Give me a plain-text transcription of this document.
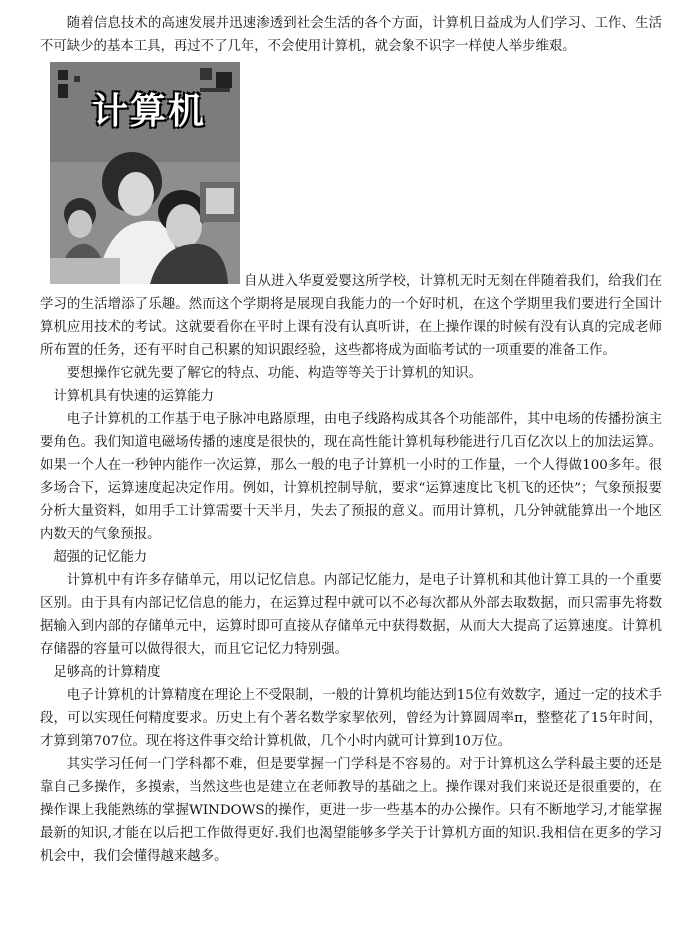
随着信息技术的高速发展并迅速渗透到社会生活的各个方面，计算机日益成为人们学习、工作、生活不可缺少的基本工具，再过不了几年，不会使用计算机，就会象不识字一样使人举步维艰。

计算机

自从进入华夏爱婴这所学校，计算机无时无刻在伴随着我们，给我们在学习的生活增添了乐趣。然而这个学期将是展现自我能力的一个好时机，在这个学期里我们要进行全国计算机应用技术的考试。这就要看你在平时上课有没有认真听讲，在上操作课的时候有没有认真的完成老师所布置的任务，还有平时自己积累的知识跟经验，这些都将成为面临考试的一项重要的准备工作。

要想操作它就先要了解它的特点、功能、构造等等关于计算机的知识。

计算机具有快速的运算能力

电子计算机的工作基于电子脉冲电路原理，由电子线路构成其各个功能部件，其中电场的传播扮演主要角色。我们知道电磁场传播的速度是很快的，现在高性能计算机每秒能进行几百亿次以上的加法运算。如果一个人在一秒钟内能作一次运算，那么一般的电子计算机一小时的工作量，一个人得做100多年。很多场合下，运算速度起决定作用。例如，计算机控制导航，要求“运算速度比飞机飞的还快”；气象预报要分析大量资料，如用手工计算需要十天半月，失去了预报的意义。而用计算机，几分钟就能算出一个地区内数天的气象预报。

超强的记忆能力

计算机中有许多存储单元，用以记忆信息。内部记忆能力，是电子计算机和其他计算工具的一个重要区别。由于具有内部记忆信息的能力，在运算过程中就可以不必每次都从外部去取数据，而只需事先将数据输入到内部的存储单元中，运算时即可直接从存储单元中获得数据，从而大大提高了运算速度。计算机存储器的容量可以做得很大，而且它记忆力特别强。

足够高的计算精度

电子计算机的计算精度在理论上不受限制，一般的计算机均能达到15位有效数字，通过一定的技术手段，可以实现任何精度要求。历史上有个著名数学家挈依列，曾经为计算圆周率π，整整花了15年时间，才算到第707位。现在将这件事交给计算机做，几个小时内就可计算到10万位。

其实学习任何一门学科都不难，但是要掌握一门学科是不容易的。对于计算机这么学科最主要的还是靠自己多操作，多摸索，当然这些也是建立在老师教导的基础之上。操作课对我们来说还是很重要的，在操作课上我能熟练的掌握WINDOWS的操作，更进一步一些基本的办公操作。只有不断地学习,才能掌握最新的知识,才能在以后把工作做得更好.我们也渴望能够多学关于计算机方面的知识.我相信在更多的学习机会中，我们会懂得越来越多。
